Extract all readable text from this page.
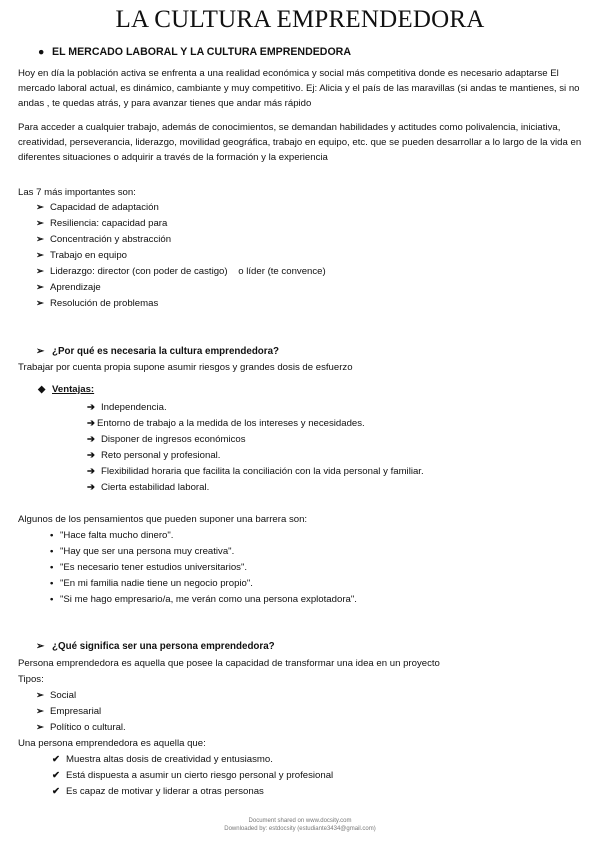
LA CULTURA EMPRENDEDORA
● EL MERCADO LABORAL Y LA CULTURA EMPRENDEDORA
Hoy en día la población activa se enfrenta a una realidad económica y social más competitiva donde es necesario adaptarse El mercado laboral actual, es dinámico, cambiante y muy competitivo. Ej: Alicia y el país de las maravillas (si andas te mantienes, si no andas , te quedas atrás, y para avanzar tienes que andar más rápido
Para acceder a cualquier trabajo, además de conocimientos, se demandan habilidades y actitudes como polivalencia, iniciativa, creatividad, perseverancia, liderazgo, movilidad geográfica, trabajo en equipo, etc. que se pueden desarrollar a lo largo de la vida en diferentes situaciones o adquirir a través de la formación y la experiencia
Las 7 más importantes son:
➢ Capacidad de adaptación
➢ Resiliencia: capacidad para
➢ Concentración y abstracción
➢ Trabajo en equipo
➢ Liderazgo: director (con poder de castigo)    o líder (te convence)
➢ Aprendizaje
➢ Resolución de problemas
➢ ¿Por qué es necesaria la cultura emprendedora?
Trabajar por cuenta propia supone asumir riesgos y grandes dosis de esfuerzo
◆ Ventajas:
➔ Independencia.
➔ Entorno de trabajo a la medida de los intereses y necesidades.
➔ Disponer de ingresos económicos
➔ Reto personal y profesional.
➔ Flexibilidad horaria que facilita la conciliación con la vida personal y familiar.
➔ Cierta estabilidad laboral.
Algunos de los pensamientos que pueden suponer una barrera son:
• "Hace falta mucho dinero".
• "Hay que ser una persona muy creativa".
• "Es necesario tener estudios universitarios".
• "En mi familia nadie tiene un negocio propio".
• "Si me hago empresario/a, me verán como una persona explotadora".
➢ ¿Qué significa ser una persona emprendedora?
Persona emprendedora es aquella que posee la capacidad de transformar una idea en un proyecto
Tipos:
➢ Social
➢ Empresarial
➢ Político o cultural.
Una persona emprendedora es aquella que:
✔ Muestra altas dosis de creatividad y entusiasmo.
✔ Está dispuesta a asumir un cierto riesgo personal y profesional
✔ Es capaz de motivar y liderar a otras personas
Document shared on www.docsity.com
Downloaded by: estdocsity (estudiante3434@gmail.com)
